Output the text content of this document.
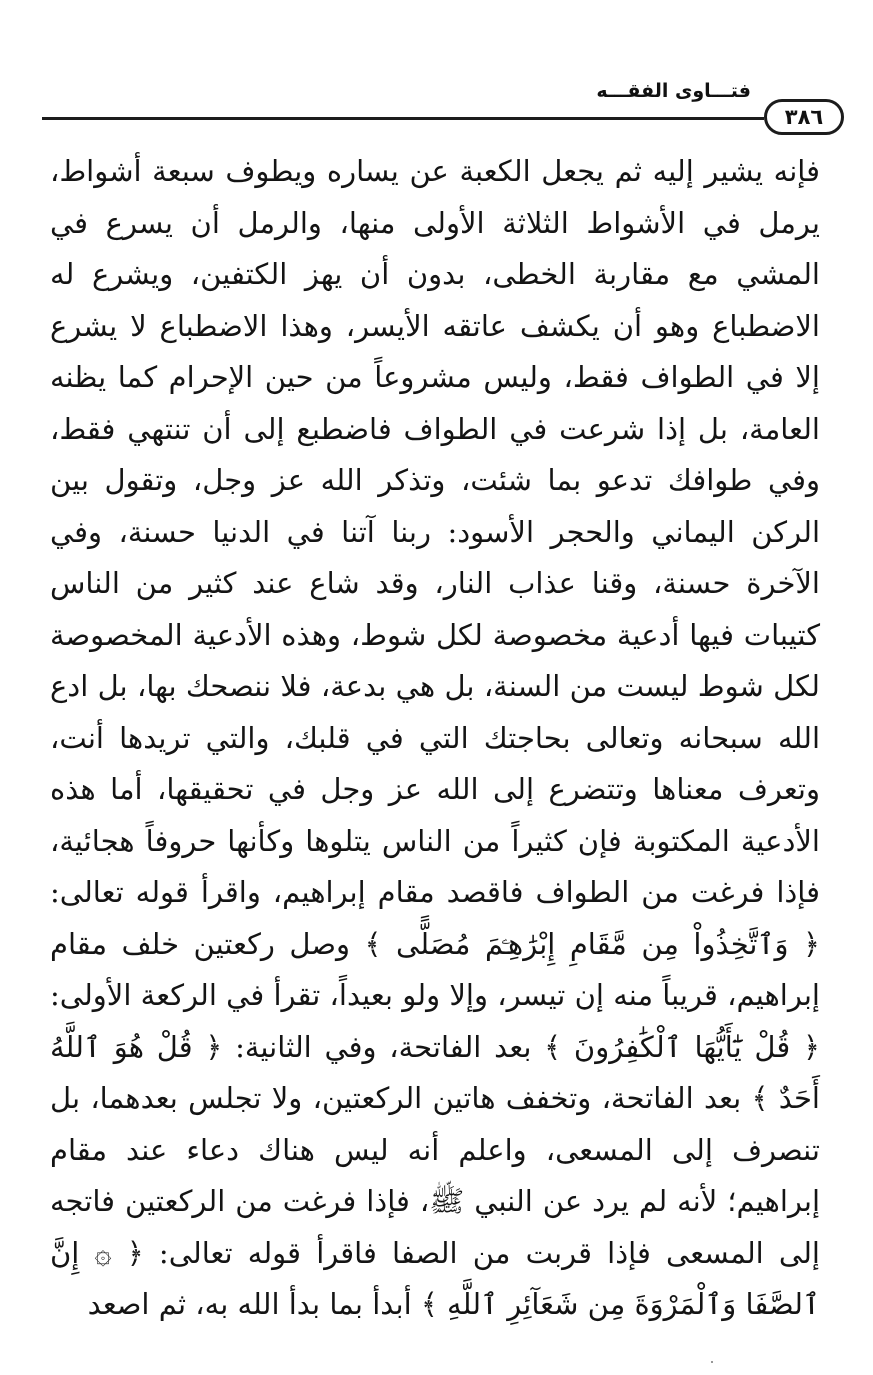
فتـــاوى الفقـــه
٣٨٦

فإنه يشير إليه ثم يجعل الكعبة عن يساره ويطوف سبعة أشواط، يرمل في الأشواط الثلاثة الأولى منها، والرمل أن يسرع في المشي مع مقاربة الخطى، بدون أن يهز الكتفين، ويشرع له الاضطباع وهو أن يكشف عاتقه الأيسر، وهذا الاضطباع لا يشرع إلا في الطواف فقط، وليس مشروعاً من حين الإحرام كما يظنه العامة، بل إذا شرعت في الطواف فاضطبع إلى أن تنتهي فقط، وفي طوافك تدعو بما شئت، وتذكر الله عز وجل، وتقول بين الركن اليماني والحجر الأسود: ربنا آتنا في الدنيا حسنة، وفي الآخرة حسنة، وقنا عذاب النار، وقد شاع عند كثير من الناس كتيبات فيها أدعية مخصوصة لكل شوط، وهذه الأدعية المخصوصة لكل شوط ليست من السنة، بل هي بدعة، فلا ننصحك بها، بل ادع الله سبحانه وتعالى بحاجتك التي في قلبك، والتي تريدها أنت، وتعرف معناها وتتضرع إلى الله عز وجل في تحقيقها، أما هذه الأدعية المكتوبة فإن كثيراً من الناس يتلوها وكأنها حروفاً هجائية، فإذا فرغت من الطواف فاقصد مقام إبراهيم، واقرأ قوله تعالى: ﴿ وَٱتَّخِذُواْ مِن مَّقَامِ إِبْرَٰهِـۧمَ مُصَلًّى ﴾ وصل ركعتين خلف مقام إبراهيم، قريباً منه إن تيسر، وإلا ولو بعيداً، تقرأ في الركعة الأولى: ﴿ قُلْ يَٰٓأَيُّهَا ٱلْكَٰفِرُونَ ﴾ بعد الفاتحة، وفي الثانية: ﴿ قُلْ هُوَ ٱللَّهُ أَحَدٌ ﴾ بعد الفاتحة، وتخفف هاتين الركعتين، ولا تجلس بعدهما، بل تنصرف إلى المسعى، واعلم أنه ليس هناك دعاء عند مقام إبراهيم؛ لأنه لم يرد عن النبي ﷺ، فإذا فرغت من الركعتين فاتجه إلى المسعى فإذا قربت من الصفا فاقرأ قوله تعالى: ﴿ ۞ إِنَّ ٱلصَّفَا وَٱلْمَرْوَةَ مِن شَعَآئِرِ ٱللَّهِ ﴾ أبدأ بما بدأ الله به، ثم اصعد
